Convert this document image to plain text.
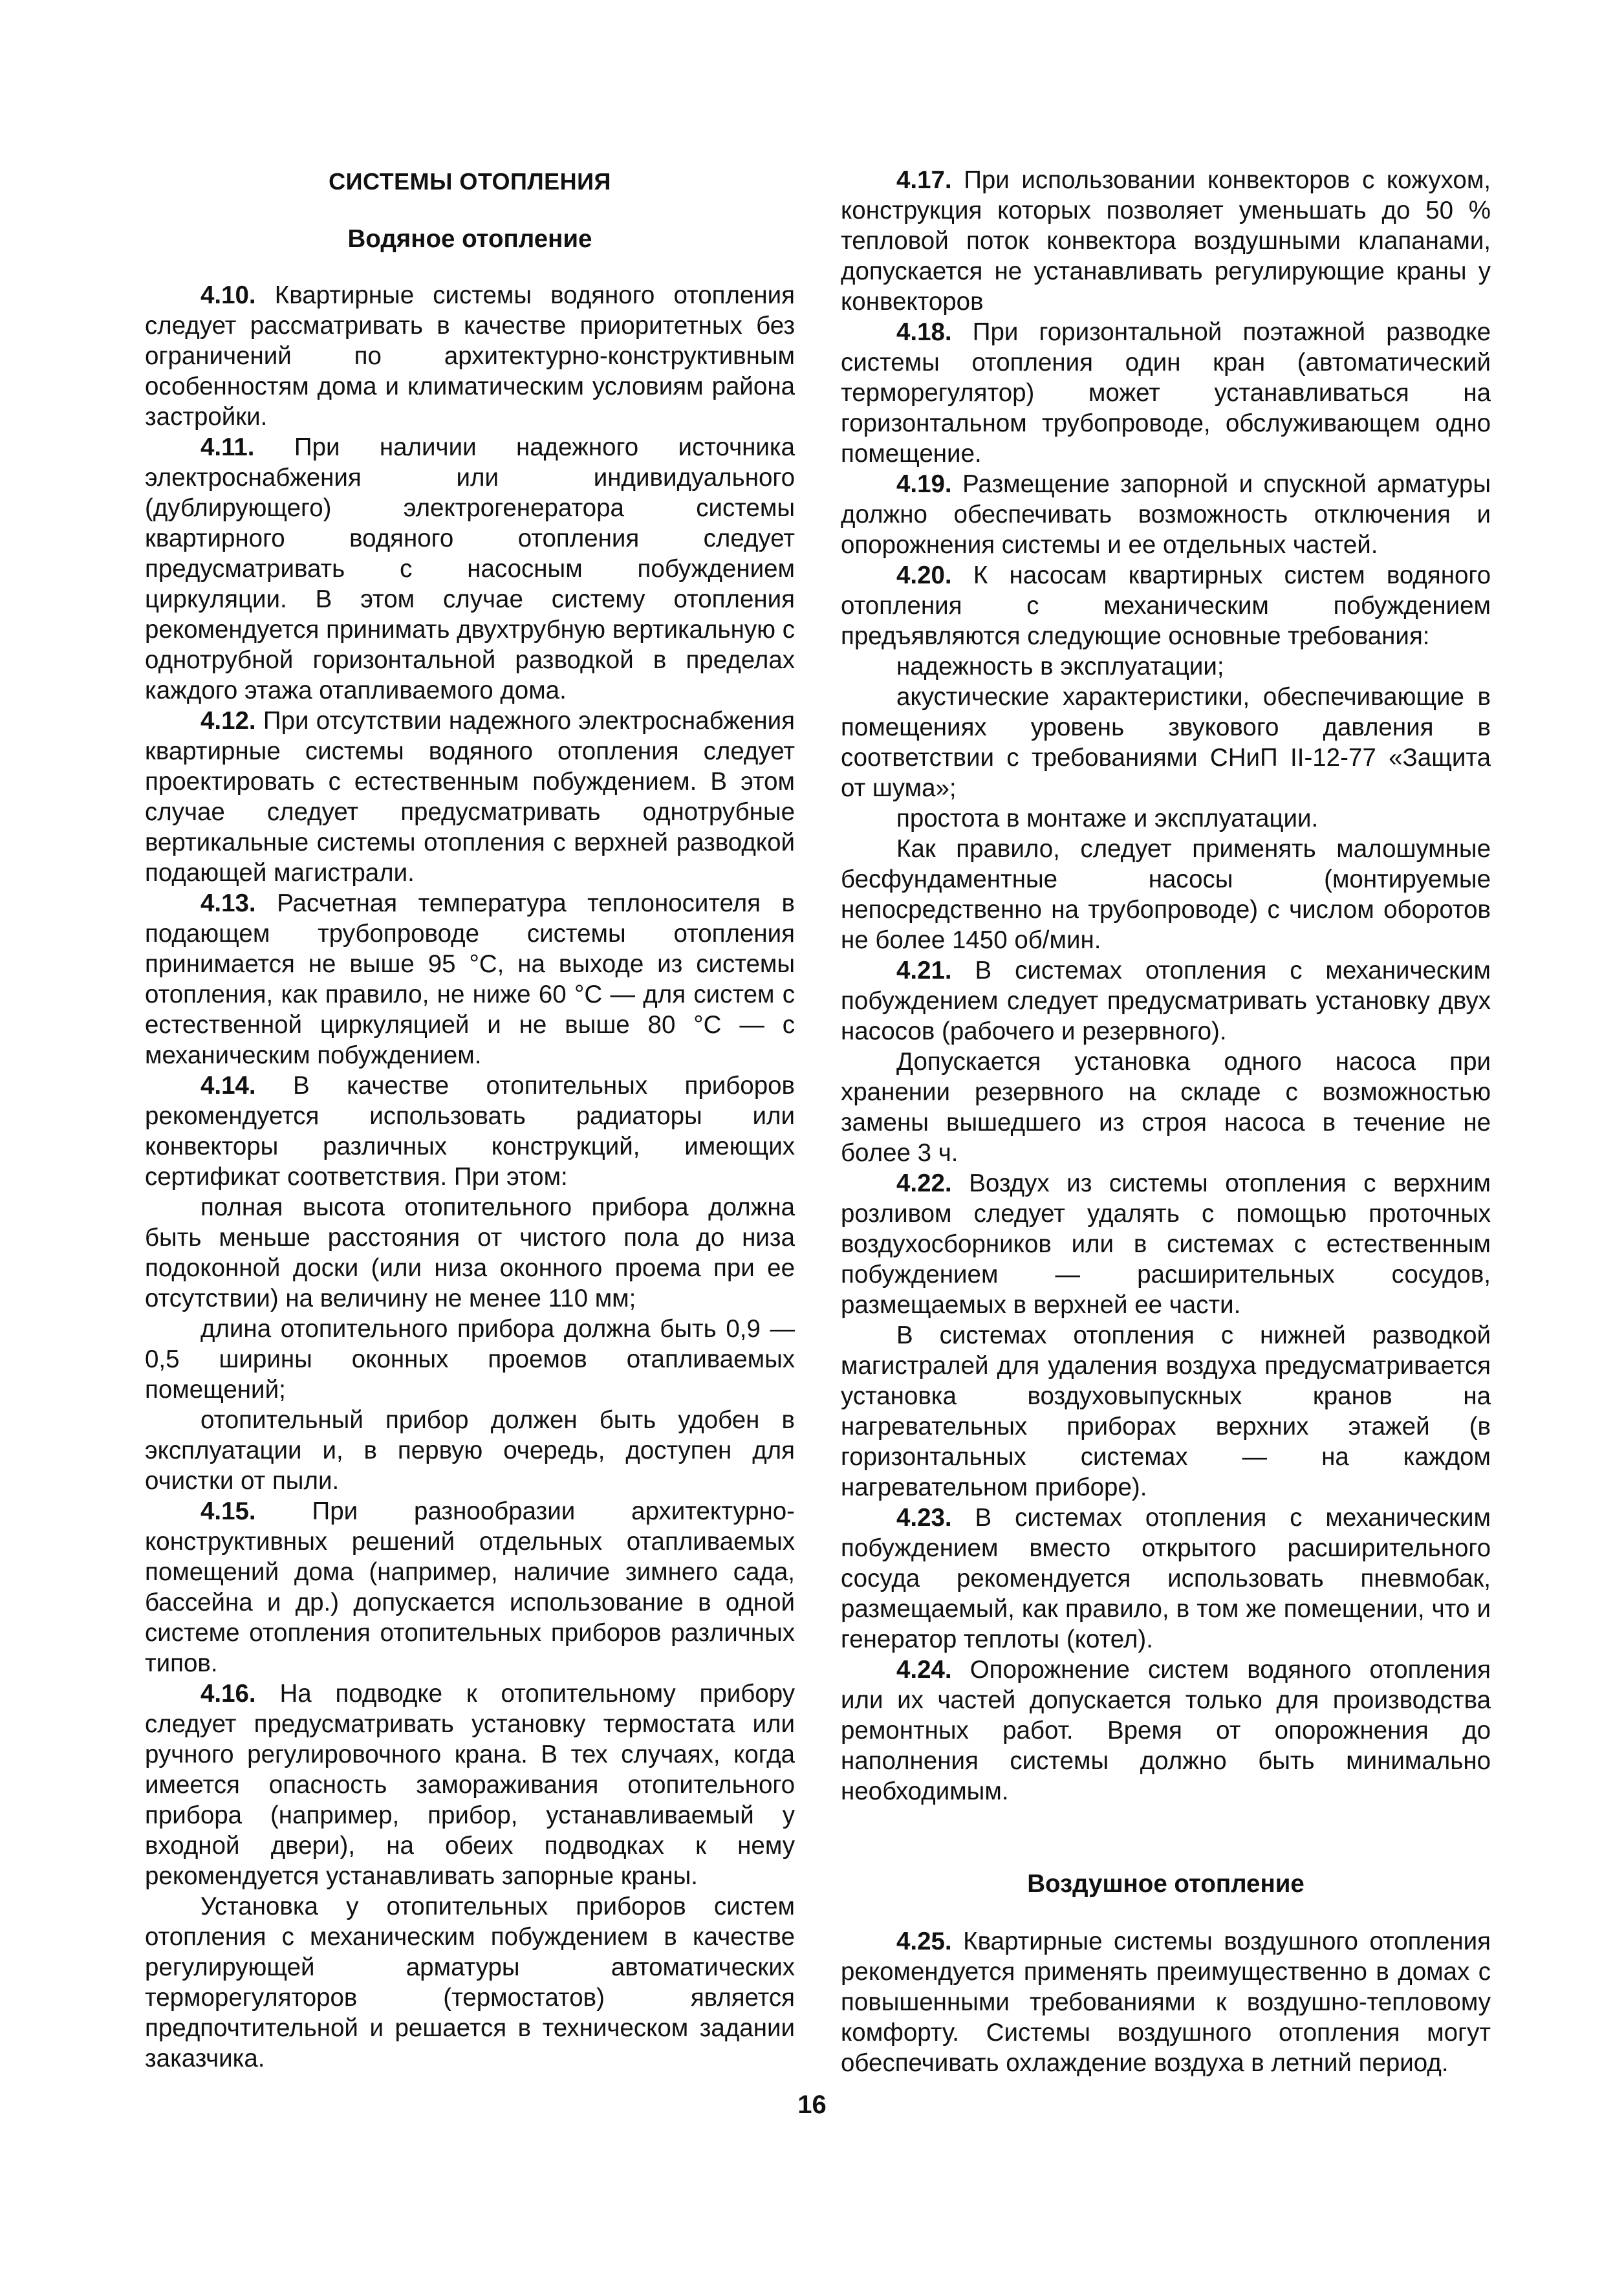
СИСТЕМЫ ОТОПЛЕНИЯ
Водяное отопление

4.10. Квартирные системы водяного отопления следует рассматривать в качестве приоритетных без ограничений по архитектурно-конструктивным особенностям дома и климатическим условиям района застройки.

4.11. При наличии надежного источника электроснабжения или индивидуального (дублирующего) электрогенератора системы квартирного водяного отопления следует предусматривать с насосным побуждением циркуляции. В этом случае систему отопления рекомендуется принимать двухтрубную вертикальную с однотрубной горизонтальной разводкой в пределах каждого этажа отапливаемого дома.

4.12. При отсутствии надежного электроснабжения квартирные системы водяного отопления следует проектировать с естественным побуждением. В этом случае следует предусматривать однотрубные вертикальные системы отопления с верхней разводкой подающей магистрали.

4.13. Расчетная температура теплоносителя в подающем трубопроводе системы отопления принимается не выше 95 °С, на выходе из системы отопления, как правило, не ниже 60 °С — для систем с естественной циркуляцией и не выше 80 °С — с механическим побуждением.

4.14. В качестве отопительных приборов рекомендуется использовать радиаторы или конвекторы различных конструкций, имеющих сертификат соответствия. При этом:

полная высота отопительного прибора должна быть меньше расстояния от чистого пола до низа подоконной доски (или низа оконного проема при ее отсутствии) на величину не менее 110 мм;

длина отопительного прибора должна быть 0,9 —0,5 ширины оконных проемов отапливаемых помещений;

отопительный прибор должен быть удобен в эксплуатации и, в первую очередь, доступен для очистки от пыли.

4.15. При разнообразии архитектурно-конструктивных решений отдельных отапливаемых помещений дома (например, наличие зимнего сада, бассейна и др.) допускается использование в одной системе отопления отопительных приборов различных типов.

4.16. На подводке к отопительному прибору следует предусматривать установку термостата или ручного регулировочного крана. В тех случаях, когда имеется опасность замораживания отопительного прибора (например, прибор, устанавливаемый у входной двери), на обеих подводках к нему рекомендуется устанавливать запорные краны.

Установка у отопительных приборов систем отопления с механическим побуждением в качестве регулирующей арматуры автоматических терморегуляторов (термостатов) является предпочтительной и решается в техническом задании заказчика.

4.17. При использовании конвекторов с кожухом, конструкция которых позволяет уменьшать до 50 % тепловой поток конвектора воздушными клапанами, допускается не устанавливать регулирующие краны у конвекторов

4.18. При горизонтальной поэтажной разводке системы отопления один кран (автоматический терморегулятор) может устанавливаться на горизонтальном трубопроводе, обслуживающем одно помещение.

4.19. Размещение запорной и спускной арматуры должно обеспечивать возможность отключения и опорожнения системы и ее отдельных частей.

4.20. К насосам квартирных систем водяного отопления с механическим побуждением предъявляются следующие основные требования:

надежность в эксплуатации;

акустические характеристики, обеспечивающие в помещениях уровень звукового давления в соответствии с требованиями СНиП II-12-77 «Защита от шума»;

простота в монтаже и эксплуатации.

Как правило, следует применять малошумные бесфундаментные насосы (монтируемые непосредственно на трубопроводе) с числом оборотов не более 1450 об/мин.

4.21. В системах отопления с механическим побуждением следует предусматривать установку двух насосов (рабочего и резервного).

Допускается установка одного насоса при хранении резервного на складе с возможностью замены вышедшего из строя насоса в течение не более 3 ч.

4.22. Воздух из системы отопления с верхним розливом следует удалять с помощью проточных воздухосборников или в системах с естественным побуждением — расширительных сосудов, размещаемых в верхней ее части.

В системах отопления с нижней разводкой магистралей для удаления воздуха предусматривается установка воздуховыпускных кранов на нагревательных приборах верхних этажей (в горизонтальных системах — на каждом нагревательном приборе).

4.23. В системах отопления с механическим побуждением вместо открытого расширительного сосуда рекомендуется использовать пневмобак, размещаемый, как правило, в том же помещении, что и генератор теплоты (котел).

4.24. Опорожнение систем водяного отопления или их частей допускается только для производства ремонтных работ. Время от опорожнения до наполнения системы должно быть минимально необходимым.

Воздушное отопление

4.25. Квартирные системы воздушного отопления рекомендуется применять преимущественно в домах с повышенными требованиями к воздушно-тепловому комфорту. Системы воздушного отопления могут обеспечивать охлаждение воздуха в летний период.

16
